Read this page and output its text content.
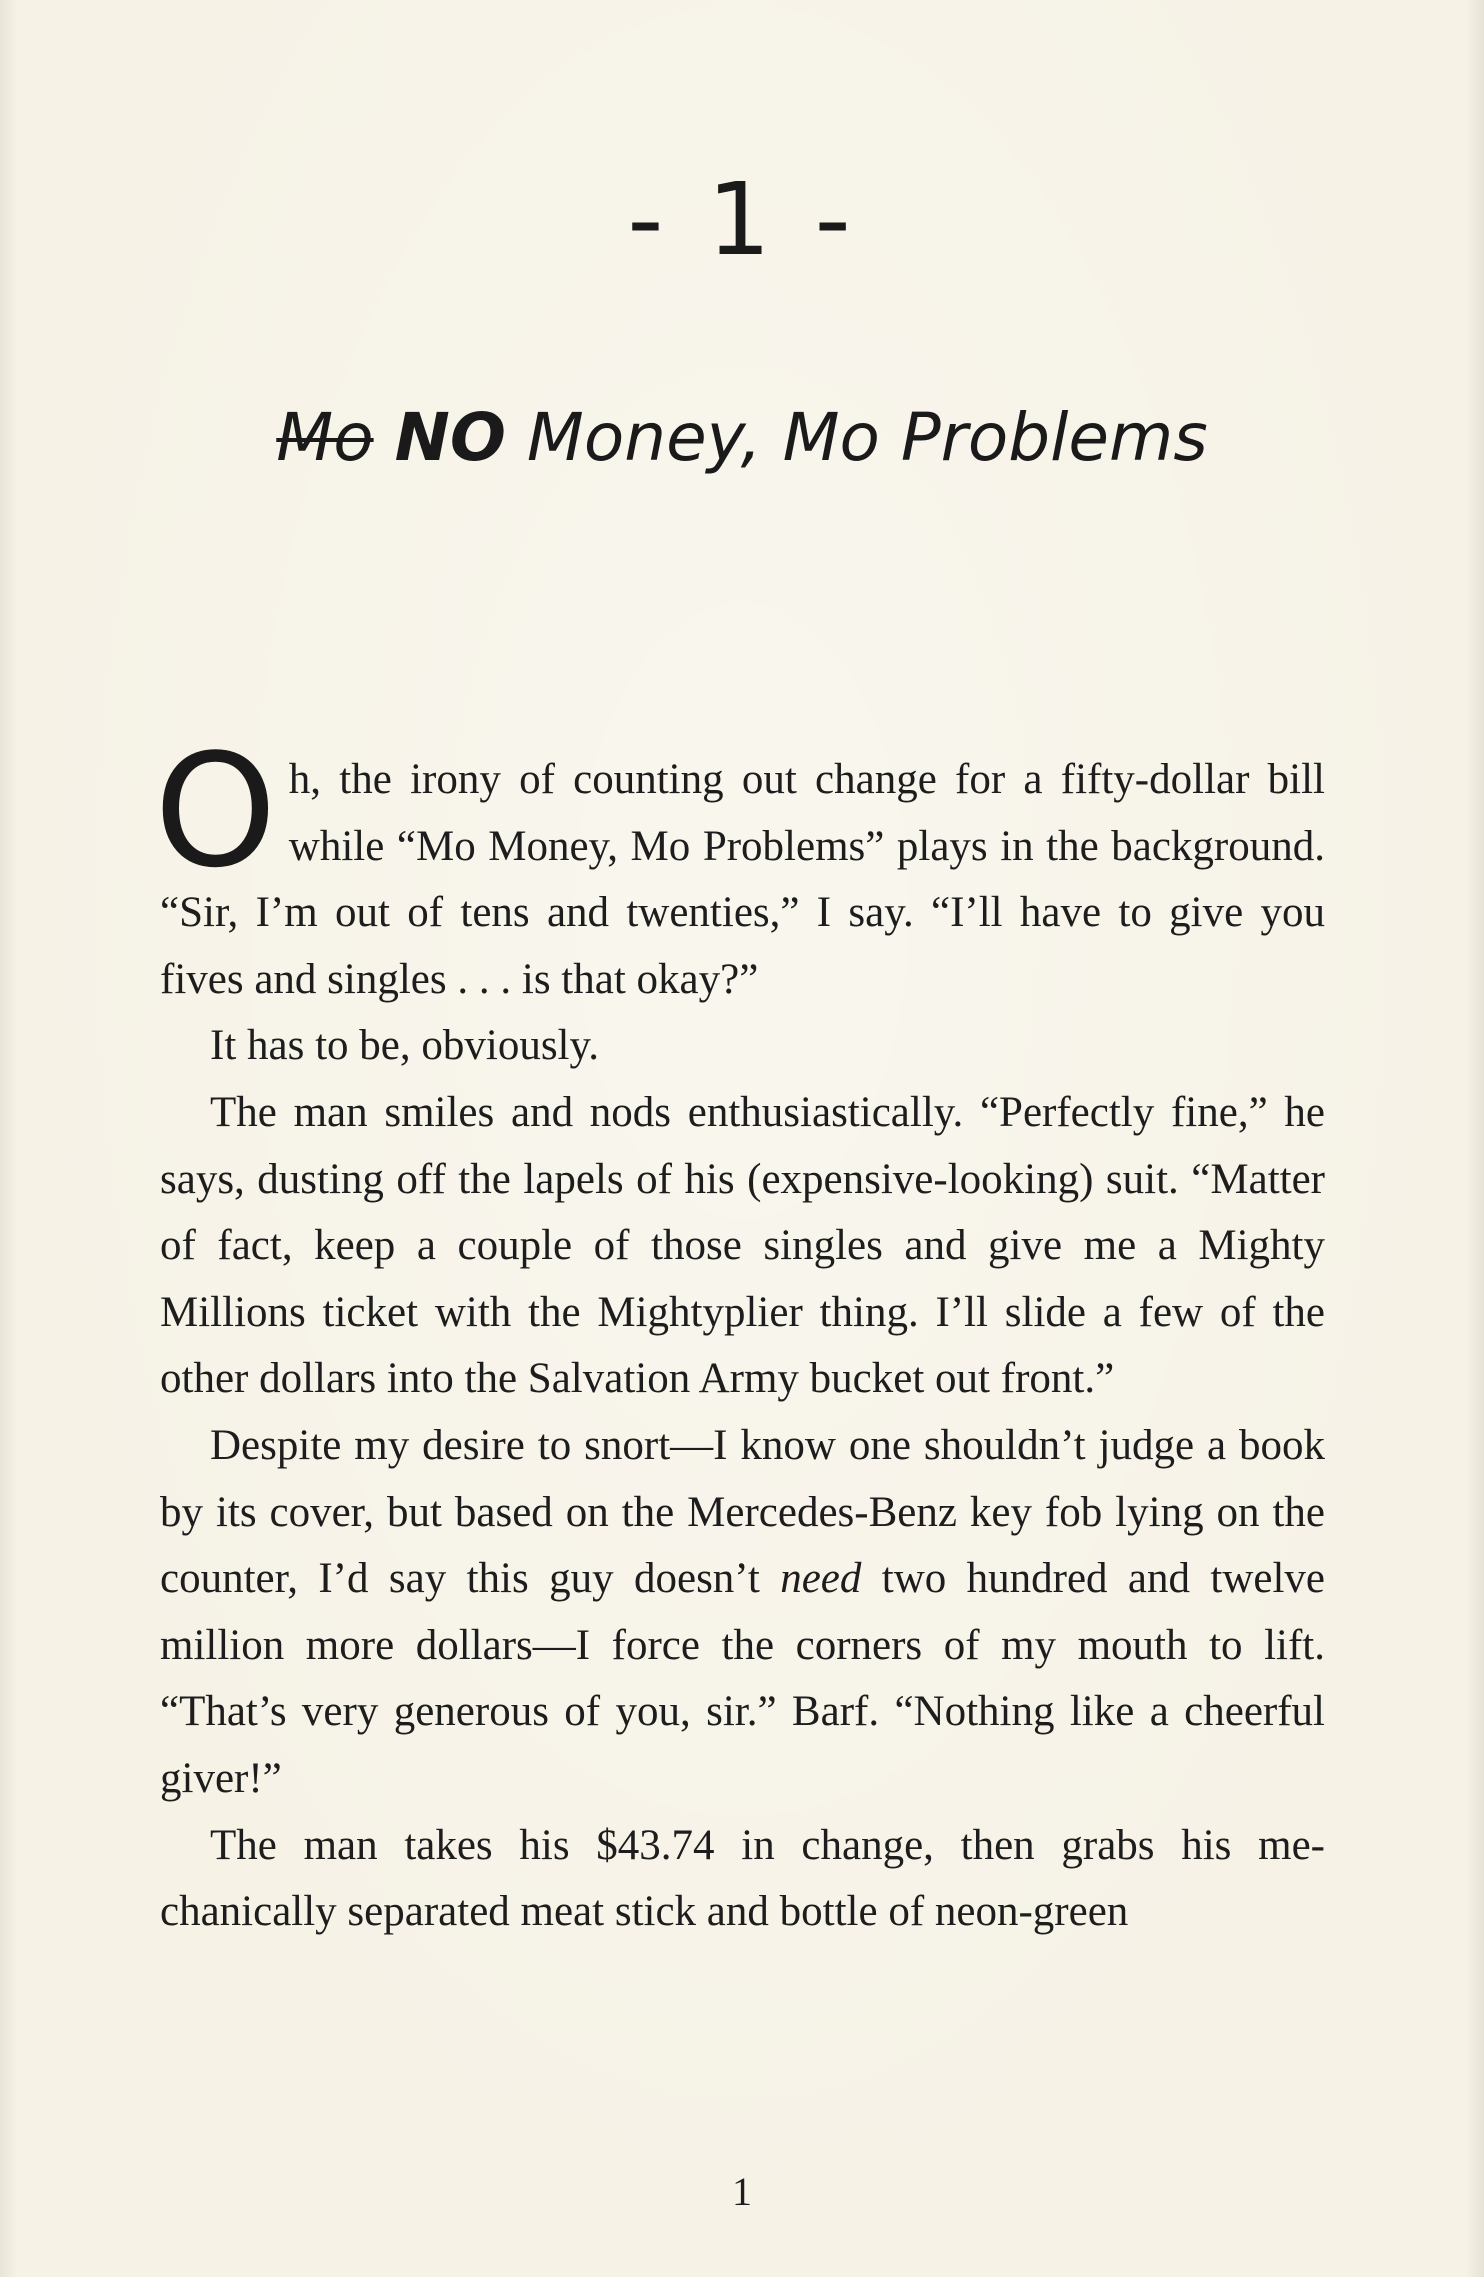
- 1 -
Mo NO Money, Mo Problems

Oh, the irony of counting out change for a fifty-dollar bill while “Mo Money, Mo Problems” plays in the background. “Sir, I’m out of tens and twenties,” I say. “I’ll have to give you fives and singles . . . is that okay?”

It has to be, obviously.

The man smiles and nods enthusiastically. “Perfectly fine,” he says, dusting off the lapels of his (expensive-looking) suit. “Matter of fact, keep a couple of those singles and give me a Mighty Millions ticket with the Mightyplier thing. I’ll slide a few of the other dollars into the Salvation Army bucket out front.”

Despite my desire to snort—I know one shouldn’t judge a book by its cover, but based on the Mercedes-Benz key fob lying on the counter, I’d say this guy doesn’t need two hundred and twelve million more dollars—I force the corners of my mouth to lift. “That’s very generous of you, sir.” Barf. “Nothing like a cheerful giver!”

The man takes his $43.74 in change, then grabs his mechanically separated meat stick and bottle of neon-green

1
